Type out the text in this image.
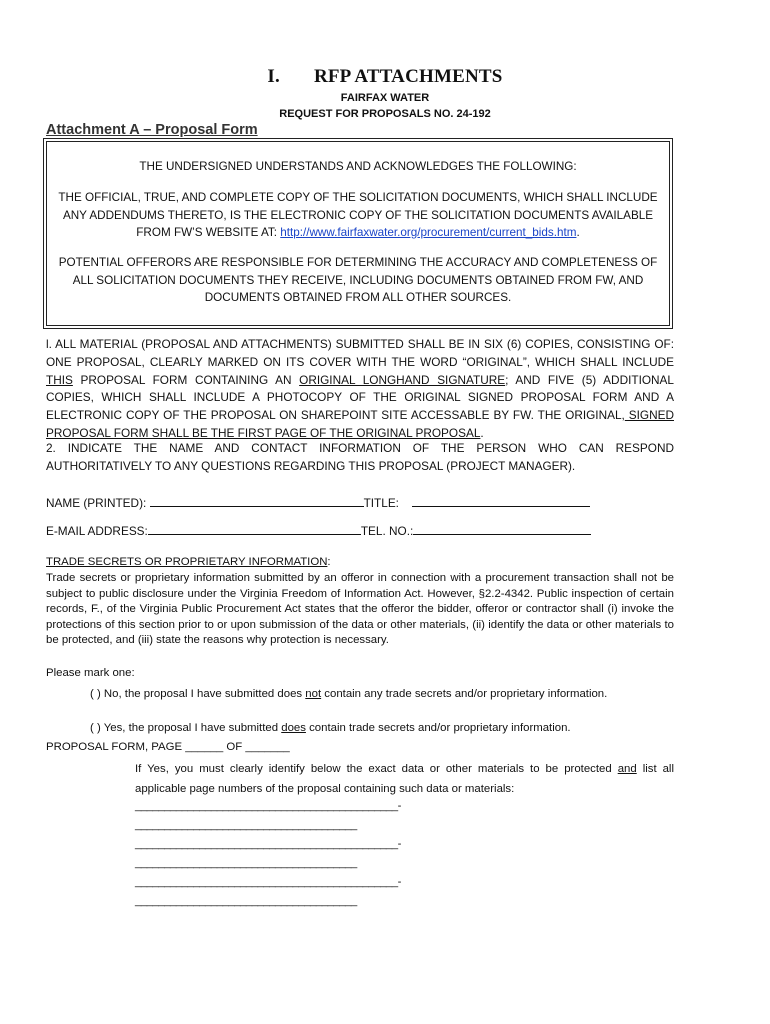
I. RFP ATTACHMENTS
FAIRFAX WATER
REQUEST FOR PROPOSALS NO. 24-192
Attachment A – Proposal Form

THE UNDERSIGNED UNDERSTANDS AND ACKNOWLEDGES THE FOLLOWING:

THE OFFICIAL, TRUE, AND COMPLETE COPY OF THE SOLICITATION DOCUMENTS, WHICH SHALL INCLUDE ANY ADDENDUMS THERETO, IS THE ELECTRONIC COPY OF THE SOLICITATION DOCUMENTS AVAILABLE FROM FW’S WEBSITE AT: http://www.fairfaxwater.org/procurement/current_bids.htm.

POTENTIAL OFFERORS ARE RESPONSIBLE FOR DETERMINING THE ACCURACY AND COMPLETENESS OF ALL SOLICITATION DOCUMENTS THEY RECEIVE, INCLUDING DOCUMENTS OBTAINED FROM FW, AND DOCUMENTS OBTAINED FROM ALL OTHER SOURCES.

l. ALL MATERIAL (PROPOSAL AND ATTACHMENTS) SUBMITTED SHALL BE IN SIX (6) COPIES, CONSISTING OF: ONE PROPOSAL, CLEARLY MARKED ON ITS COVER WITH THE WORD “ORIGINAL”, WHICH SHALL INCLUDE THIS PROPOSAL FORM CONTAINING AN ORIGINAL LONGHAND SIGNATURE; AND FIVE (5) ADDITIONAL COPIES, WHICH SHALL INCLUDE A PHOTOCOPY OF THE ORIGINAL SIGNED PROPOSAL FORM AND A ELECTRONIC COPY OF THE PROPOSAL ON SHAREPOINT SITE ACCESSABLE BY FW. THE ORIGINAL, SIGNED PROPOSAL FORM SHALL BE THE FIRST PAGE OF THE ORIGINAL PROPOSAL.
2. INDICATE THE NAME AND CONTACT INFORMATION OF THE PERSON WHO CAN RESPOND AUTHORITATIVELY TO ANY QUESTIONS REGARDING THIS PROPOSAL (PROJECT MANAGER).
NAME (PRINTED):	TITLE:
E-MAIL ADDRESS:	TEL. NO.:
TRADE SECRETS OR PROPRIETARY INFORMATION:
Trade secrets or proprietary information submitted by an offeror in connection with a procurement transaction shall not be subject to public disclosure under the Virginia Freedom of Information Act. However, §2.2-4342. Public inspection of certain records, F., of the Virginia Public Procurement Act states that the offeror the bidder, offeror or contractor shall (i) invoke the protections of this section prior to or upon submission of the data or other materials, (ii) identify the data or other materials to be protected, and (iii) state the reasons why protection is necessary.
Please mark one:
( ) No, the proposal I have submitted does not contain any trade secrets and/or proprietary information.
( ) Yes, the proposal I have submitted does contain trade secrets and/or proprietary information.
PROPOSAL FORM, PAGE ______ OF _______
If Yes, you must clearly identify below the exact data or other materials to be protected and list all applicable page numbers of the proposal containing such data or materials:
_____________________________________________-
______________________________________
_____________________________________________-
______________________________________
_____________________________________________-
______________________________________
